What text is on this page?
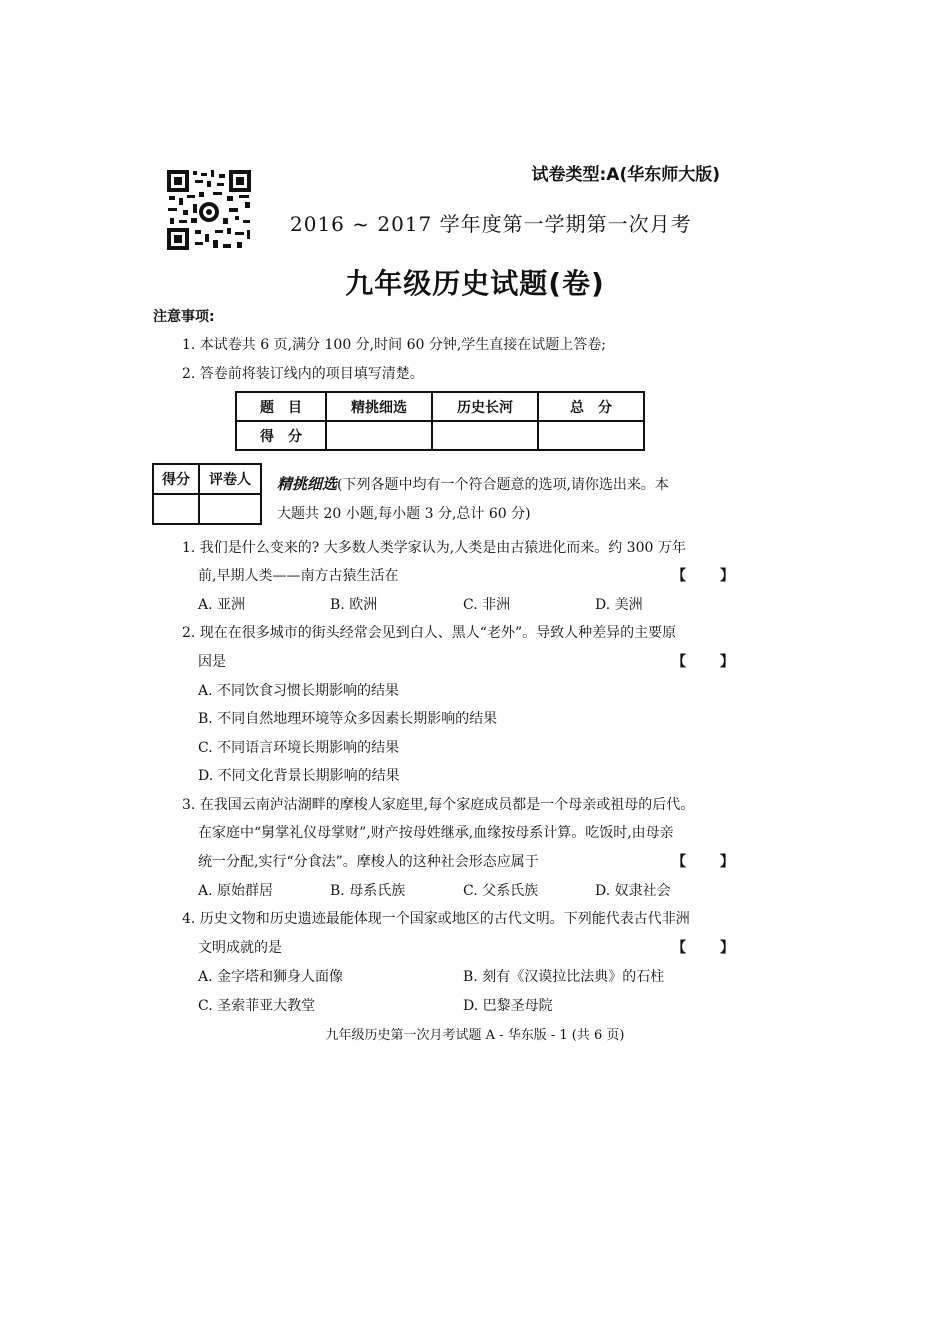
试卷类型:A(华东师大版)
2016 ~ 2017 学年度第一学期第一次月考
九年级历史试题(卷)
注意事项:
1. 本试卷共 6 页,满分 100 分,时间 60 分钟,学生直接在试题上答卷;
2. 答卷前将装订线内的项目填写清楚。
题　目	精挑细选	历史长河	总　分
得　分			
得分	评卷人
	精挑细选(下列各题中均有一个符合题意的选项,请你选出来。本
大题共 20 小题,每小题 3 分,总计 60 分)
1. 我们是什么变来的? 大多数人类学家认为,人类是由古猿进化而来。约 300 万年
前,早期人类——南方古猿生活在	【　　】
A. 亚洲	B. 欧洲	C. 非洲	D. 美洲
2. 现在在很多城市的街头经常会见到白人、黑人“老外”。导致人种差异的主要原
因是	【　　】
A. 不同饮食习惯长期影响的结果
B. 不同自然地理环境等众多因素长期影响的结果
C. 不同语言环境长期影响的结果
D. 不同文化背景长期影响的结果
3. 在我国云南泸沽湖畔的摩梭人家庭里,每个家庭成员都是一个母亲或祖母的后代。
在家庭中“舅掌礼仪母掌财”,财产按母姓继承,血缘按母系计算。吃饭时,由母亲
统一分配,实行“分食法”。摩梭人的这种社会形态应属于	【　　】
A. 原始群居	B. 母系氏族	C. 父系氏族	D. 奴隶社会
4. 历史文物和历史遗迹最能体现一个国家或地区的古代文明。下列能代表古代非洲
文明成就的是	【　　】
A. 金字塔和狮身人面像	B. 刻有《汉谟拉比法典》的石柱
C. 圣索菲亚大教堂	D. 巴黎圣母院
九年级历史第一次月考试题 A - 华东版 - 1 (共 6 页)
